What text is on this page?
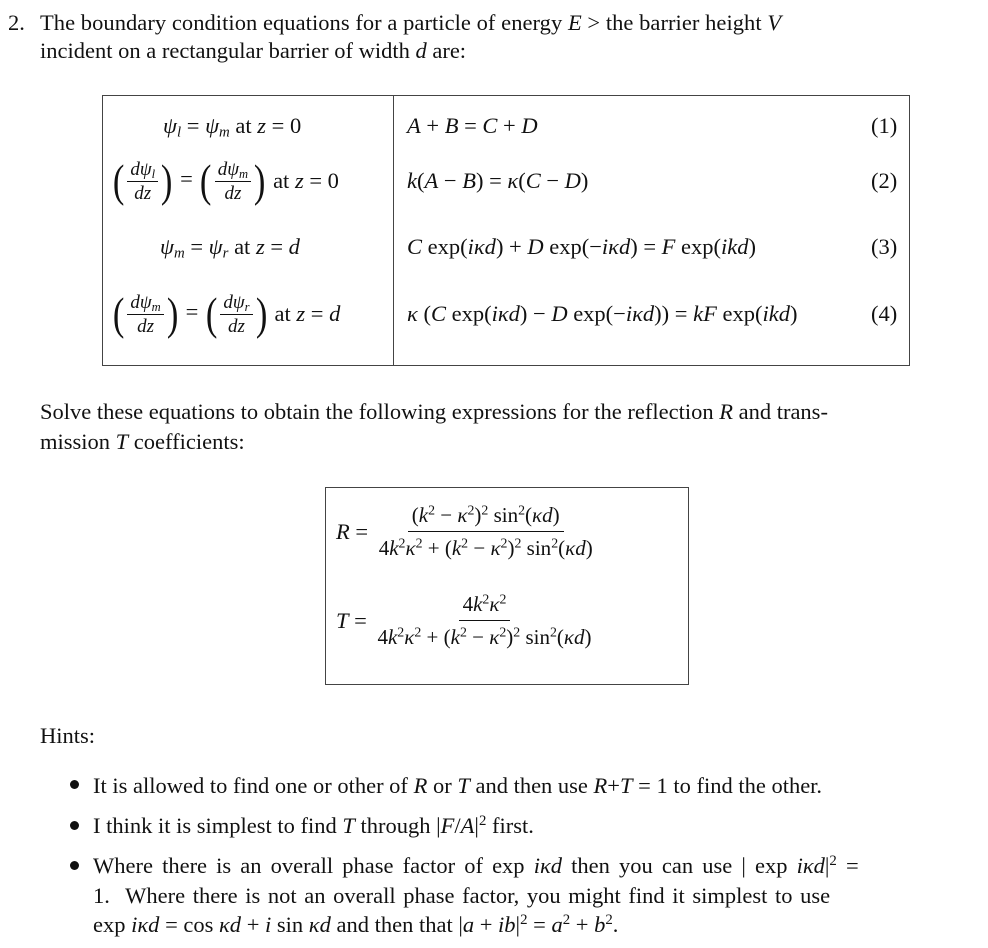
2. The boundary condition equations for a particle of energy E > the barrier height V
incident on a rectangular barrier of width d are:
$\psi_l = \psi_m$ at z = 0	A + B = C + D	(1)
( $\frac{d\psi_l}{dz}$ ) = ( $\frac{d\psi_m}{dz}$ ) at z = 0	k(A − B) = κ(C − D)	(2)
$\psi_m = \psi_r$ at z = d	C exp(iκd) + D exp(−iκd) = F exp(ikd)	(3)
( $\frac{d\psi_m}{dz}$ ) = ( $\frac{d\psi_r}{dz}$ ) at z = d	κ (C exp(iκd) − D exp(−iκd)) = kF exp(ikd)	(4)
Solve these equations to obtain the following expressions for the reflection R and trans-
mission T coefficients:
$R = \frac{(k^2 - \kappa^2)^2 \sin^2(\kappa d)}{4k^2\kappa^2 + (k^2 - \kappa^2)^2 \sin^2(\kappa d)}$
$T = \frac{4k^2\kappa^2}{4k^2\kappa^2 + (k^2 - \kappa^2)^2 \sin^2(\kappa d)}$
Hints:
It is allowed to find one or other of R or T and then use R+T = 1 to find the other.
I think it is simplest to find T through $|F/A|^2$ first.
Where there is an overall phase factor of exp iκd then you can use | $\exp i\kappa d|^2$ =
1.  Where there is not an overall phase factor, you might find it simplest to use
exp iκd = cos κd + i sin κd and then that $|a + ib|^2 = a^2 + b^2$.
